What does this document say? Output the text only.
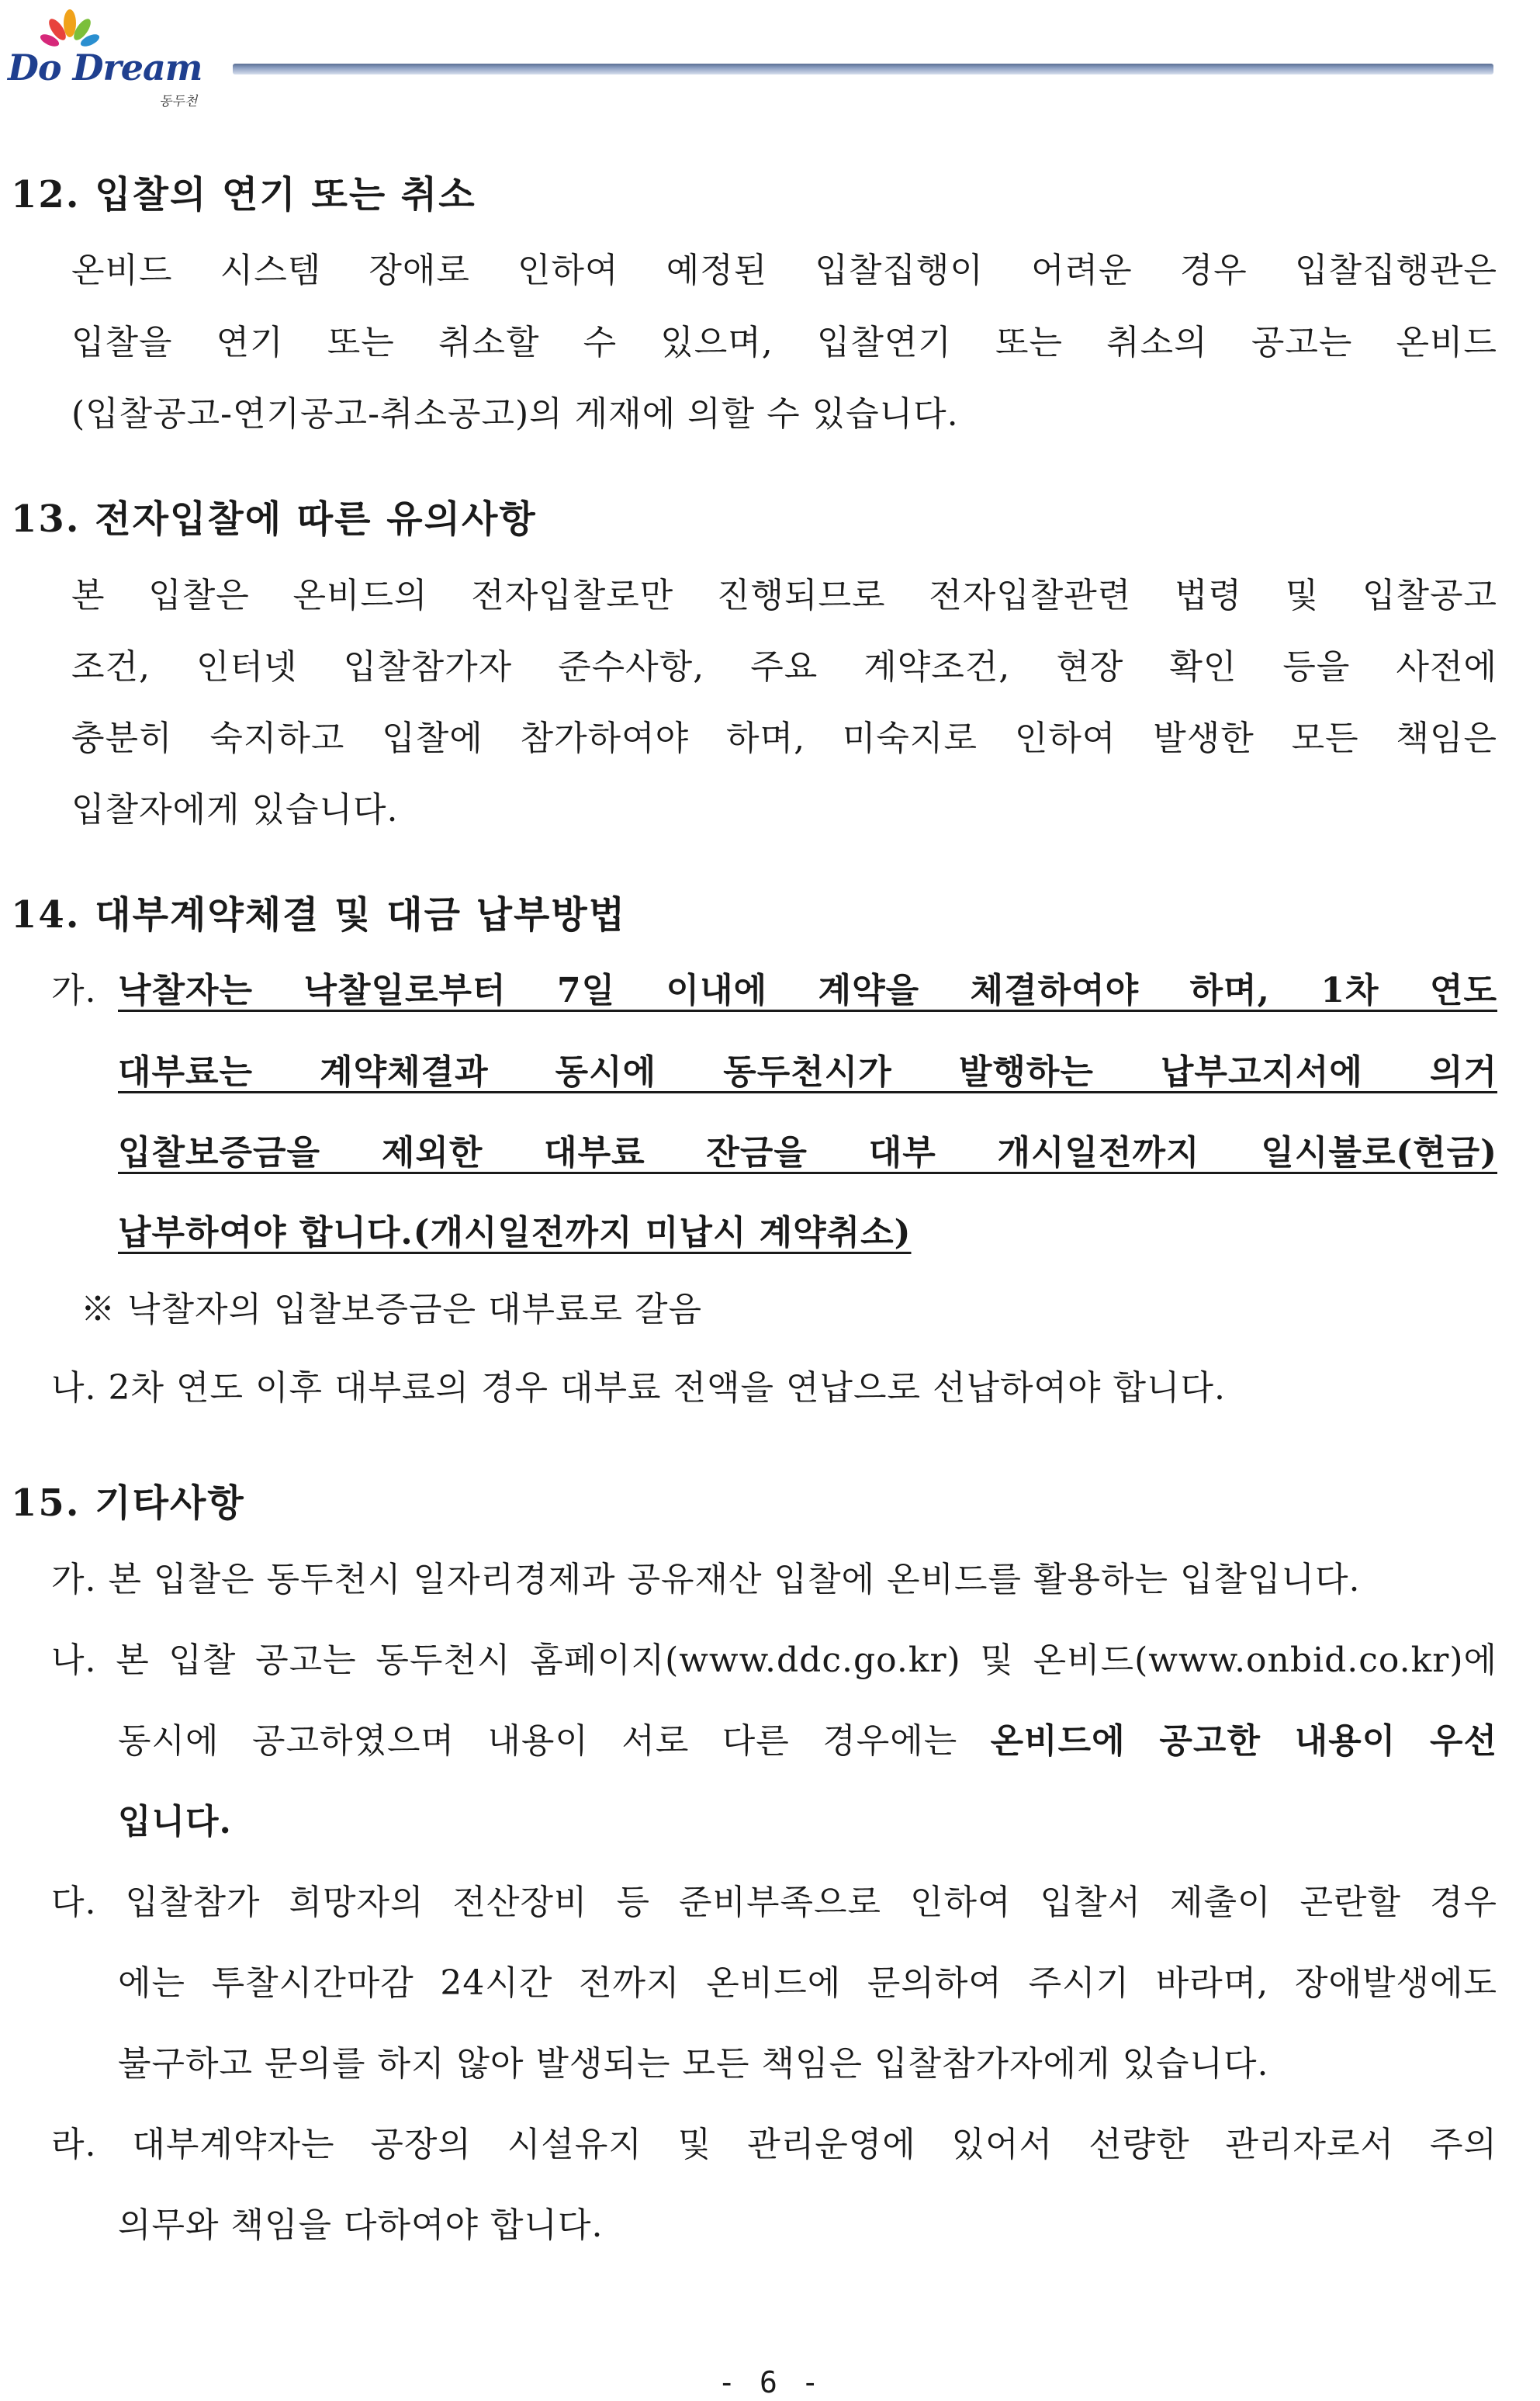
Do Dream
동두천
12. 입찰의 연기 또는 취소
온비드 시스템 장애로 인하여 예정된 입찰집행이 어려운 경우 입찰집행관은
입찰을 연기 또는 취소할 수 있으며, 입찰연기 또는 취소의 공고는 온비드
(입찰공고-연기공고-취소공고)의 게재에 의할 수 있습니다.
13. 전자입찰에 따른 유의사항
본 입찰은 온비드의 전자입찰로만 진행되므로 전자입찰관련 법령 및 입찰공고
조건, 인터넷 입찰참가자 준수사항, 주요 계약조건, 현장 확인 등을 사전에
충분히 숙지하고 입찰에 참가하여야 하며, 미숙지로 인하여 발생한 모든 책임은
입찰자에게 있습니다.
14. 대부계약체결 및 대금 납부방법
가. 낙찰자는 낙찰일로부터 7일 이내에 계약을 체결하여야 하며, 1차 연도
대부료는 계약체결과 동시에 동두천시가 발행하는 납부고지서에 의거
입찰보증금을 제외한 대부료 잔금을 대부 개시일전까지 일시불로(현금)
납부하여야 합니다.(개시일전까지 미납시 계약취소)
※ 낙찰자의 입찰보증금은 대부료로 갈음
나. 2차 연도 이후 대부료의 경우 대부료 전액을 연납으로 선납하여야 합니다.
15. 기타사항
가. 본 입찰은 동두천시 일자리경제과 공유재산 입찰에 온비드를 활용하는 입찰입니다.
나. 본 입찰 공고는 동두천시 홈페이지(www.ddc.go.kr) 및 온비드(www.onbid.co.kr)에
동시에 공고하였으며 내용이 서로 다른 경우에는 온비드에 공고한 내용이 우선
입니다.
다. 입찰참가 희망자의 전산장비 등 준비부족으로 인하여 입찰서 제출이 곤란할 경우
에는 투찰시간마감 24시간 전까지 온비드에 문의하여 주시기 바라며, 장애발생에도
불구하고 문의를 하지 않아 발생되는 모든 책임은 입찰참가자에게 있습니다.
라. 대부계약자는 공장의 시설유지 및 관리운영에 있어서 선량한 관리자로서 주의
의무와 책임을 다하여야 합니다.
- 6 -
